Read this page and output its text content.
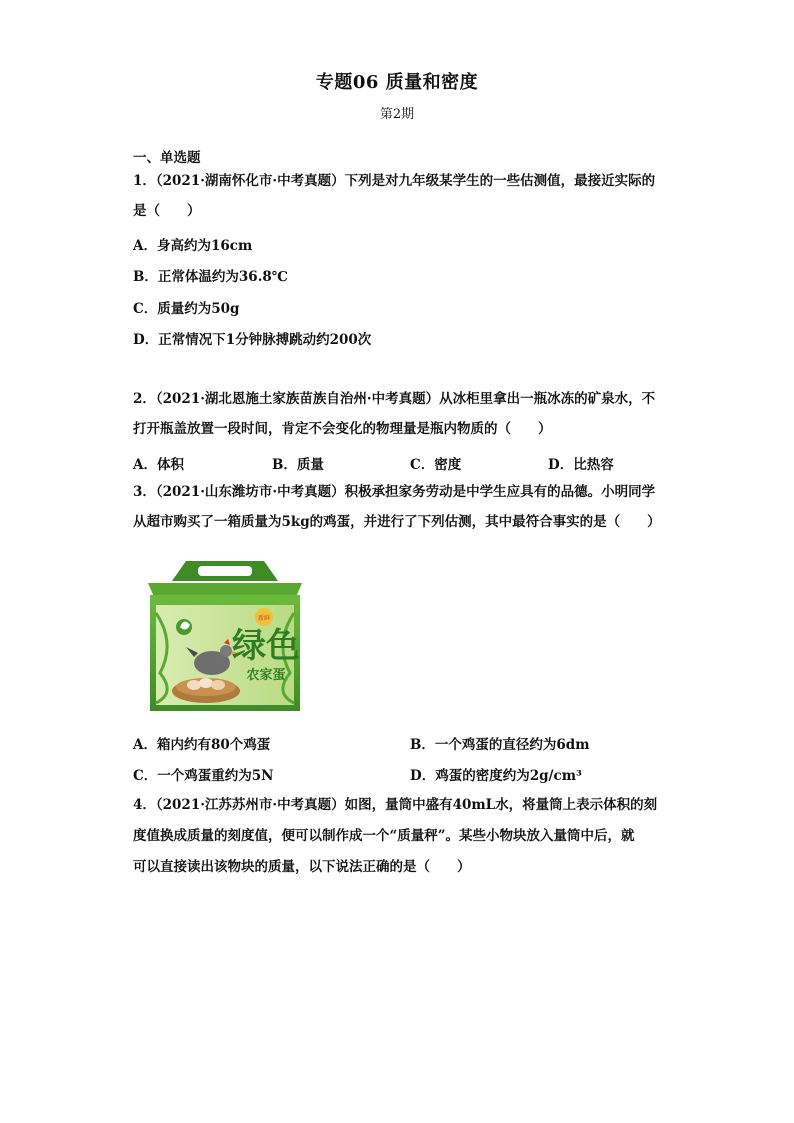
专题06 质量和密度
第2期
一、单选题
1．（2021·湖南怀化市·中考真题）下列是对九年级某学生的一些估测值，最接近实际的
是（　　）
A．身高约为16cm
B．正常体温约为36.8℃
C．质量约为50g
D．正常情况下1分钟脉搏跳动约200次
2．（2021·湖北恩施土家族苗族自治州·中考真题）从冰柜里拿出一瓶冰冻的矿泉水，不
打开瓶盖放置一段时间，肯定不会变化的物理量是瓶内物质的（　　）
A．体积	B．质量	C．密度	D．比热容
3．（2021·山东潍坊市·中考真题）积极承担家务劳动是中学生应具有的品德。小明同学
从超市购买了一箱质量为5kg的鸡蛋，并进行了下列估测，其中最符合事实的是（　　）
新鲜
绿色
农家蛋
A．箱内约有80个鸡蛋	B．一个鸡蛋的直径约为6dm
C．一个鸡蛋重约为5N	D．鸡蛋的密度约为2g/cm³
4．（2021·江苏苏州市·中考真题）如图，量筒中盛有40mL水，将量筒上表示体积的刻
度值换成质量的刻度值，便可以制作成一个“质量秤”。某些小物块放入量筒中后，就
可以直接读出该物块的质量，以下说法正确的是（　　）
